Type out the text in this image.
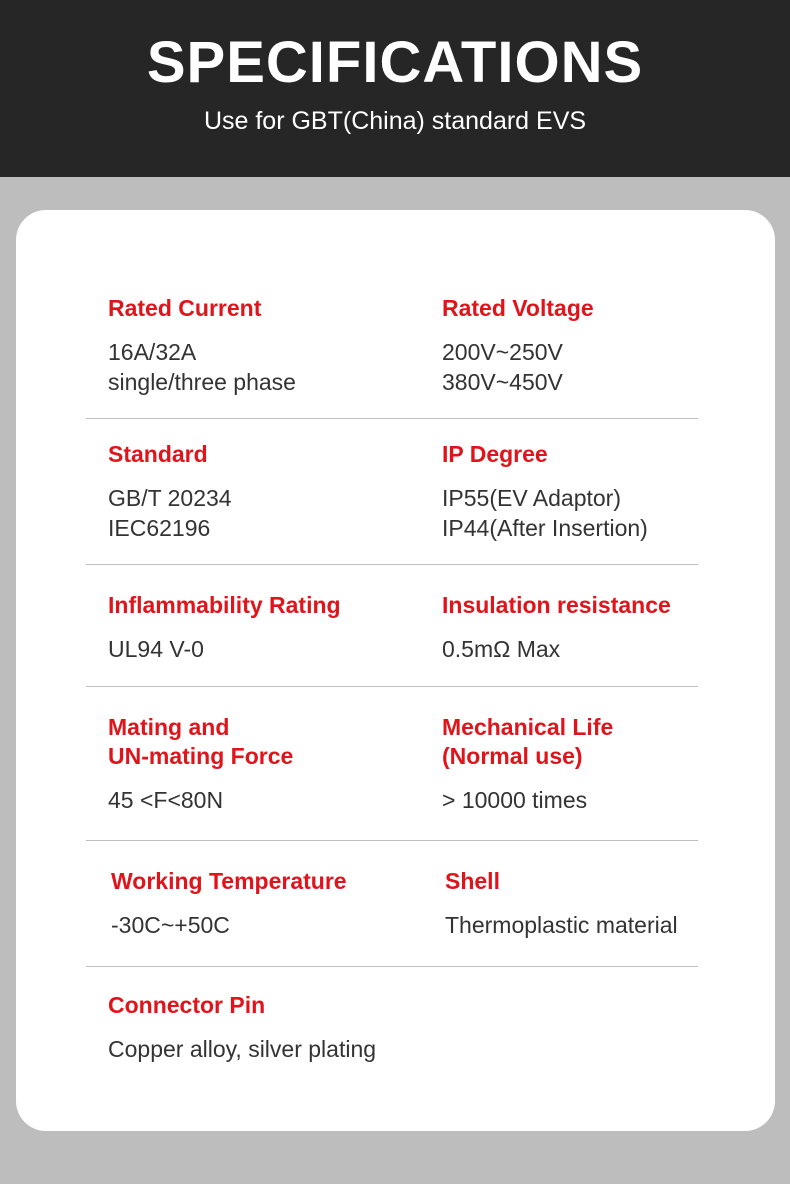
SPECIFICATIONS
Use for GBT(China) standard EVS
Rated Current
16A/32A
single/three phase
Rated Voltage
200V~250V
380V~450V
Standard
GB/T 20234
IEC62196
IP Degree
IP55(EV Adaptor)
IP44(After Insertion)
Inflammability Rating
UL94 V-0
Insulation resistance
0.5mΩ Max
Mating and
UN-mating Force
45 <F<80N
Mechanical Life
(Normal use)
> 10000 times
Working Temperature
-30C~+50C
Shell
Thermoplastic material
Connector Pin
Copper alloy, silver plating
